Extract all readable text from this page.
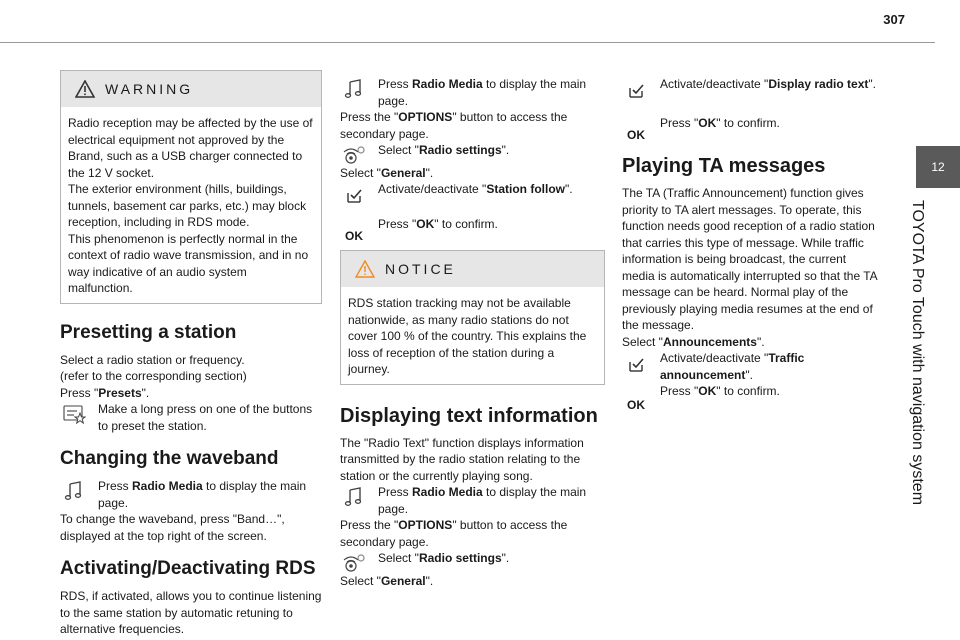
307
12
TOYOTA Pro Touch with navigation system
WARNING

Radio reception may be affected by the use of electrical equipment not approved by the Brand, such as a USB charger connected to the 12 V socket.

The exterior environment (hills, buildings, tunnels, basement car parks, etc.) may block reception, including in RDS mode.

This phenomenon is perfectly normal in the context of radio wave transmission, and in no way indicative of an audio system malfunction.

Presetting a station

Select a radio station or frequency.

(refer to the corresponding section)

Press "Presets".

Make a long press on one of the buttons to preset the station.
Changing the waveband
Press Radio Media to display the main page.

To change the waveband, press "Band…", displayed at the top right of the screen.

Activating/Deactivating RDS

RDS, if activated, allows you to continue listening to the same station by automatic retuning to alternative frequencies.

Press Radio Media to display the main page.

Press the "OPTIONS" button to access the secondary page.

Select "Radio settings".

Select "General".

Activate/deactivate "Station follow".
OK
Press "OK" to confirm.
NOTICE

RDS station tracking may not be available nationwide, as many radio stations do not cover 100 % of the country. This explains the loss of reception of the station during a journey.

Displaying text information

The "Radio Text" function displays information transmitted by the radio station relating to the station or the currently playing song.

Press Radio Media to display the main page.

Press the "OPTIONS" button to access the secondary page.

Select "Radio settings".

Select "General".

Activate/deactivate "Display radio text".
OK
Press "OK" to confirm.
Playing TA messages

The TA (Traffic Announcement) function gives priority to TA alert messages. To operate, this function needs good reception of a radio station that carries this type of message. While traffic information is being broadcast, the current media is automatically interrupted so that the TA message can be heard. Normal play of the previously playing media resumes at the end of the message.

Select "Announcements".

Activate/deactivate "Traffic announcement".
OK
Press "OK" to confirm.
